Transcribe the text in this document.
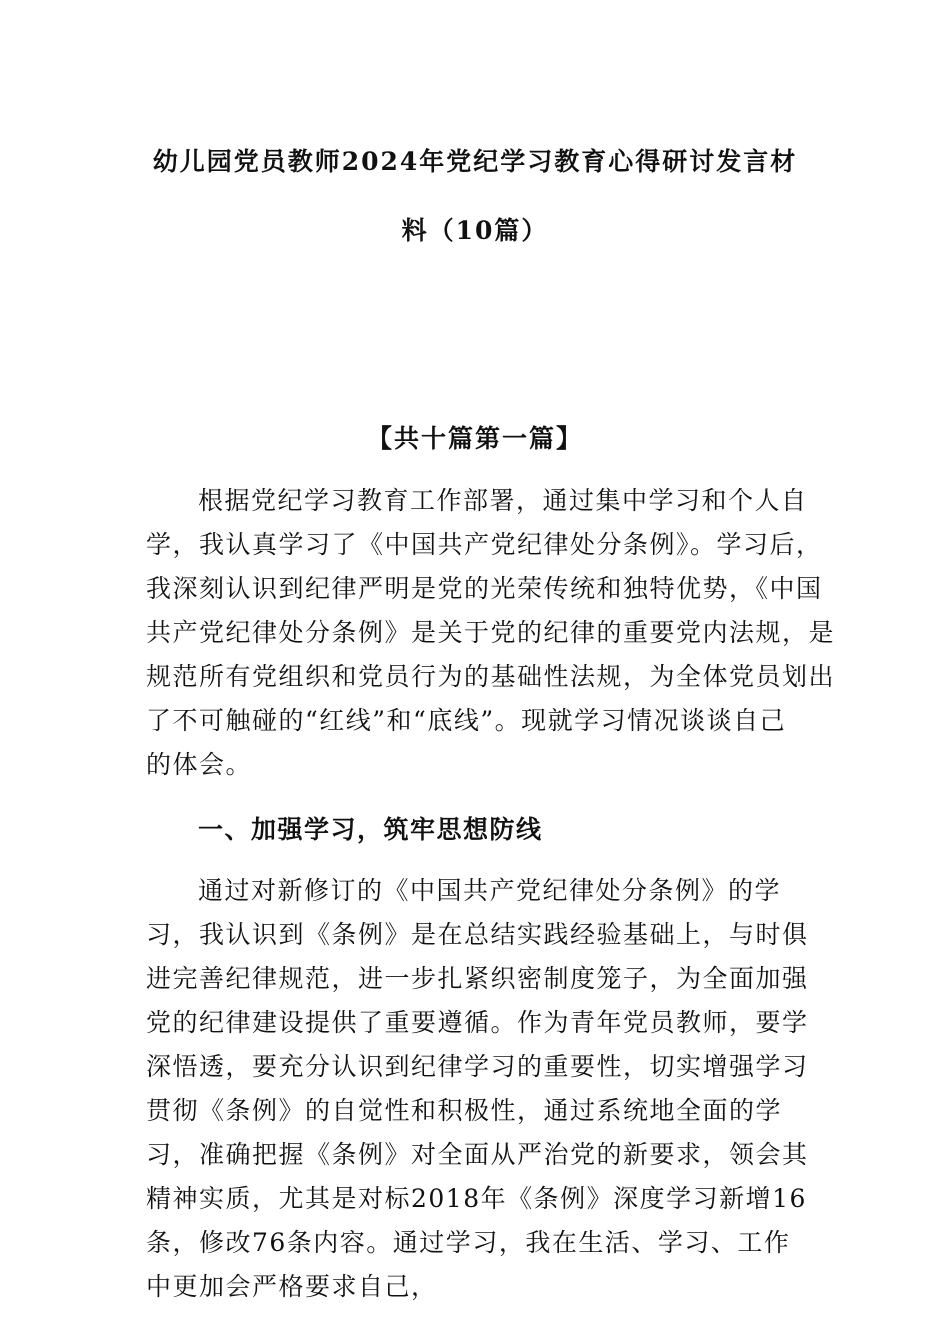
幼儿园党员教师2024年党纪学习教育心得研讨发言材
料（10篇）
【共十篇第一篇】
根据党纪学习教育工作部署，通过集中学习和个人自
学，我认真学习了《中国共产党纪律处分条例》。学习后，
我深刻认识到纪律严明是党的光荣传统和独特优势，《中国
共产党纪律处分条例》是关于党的纪律的重要党内法规，是
规范所有党组织和党员行为的基础性法规，为全体党员划出
了不可触碰的“红线”和“底线”。现就学习情况谈谈自己
的体会。
一、加强学习，筑牢思想防线
通过对新修订的《中国共产党纪律处分条例》的学
习，我认识到《条例》是在总结实践经验基础上，与时俱
进完善纪律规范，进一步扎紧织密制度笼子，为全面加强
党的纪律建设提供了重要遵循。作为青年党员教师，要学
深悟透，要充分认识到纪律学习的重要性，切实增强学习
贯彻《条例》的自觉性和积极性，通过系统地全面的学
习，准确把握《条例》对全面从严治党的新要求，领会其
精神实质，尤其是对标2018年《条例》深度学习新增16
条，修改76条内容。通过学习，我在生活、学习、工作
中更加会严格要求自己，
